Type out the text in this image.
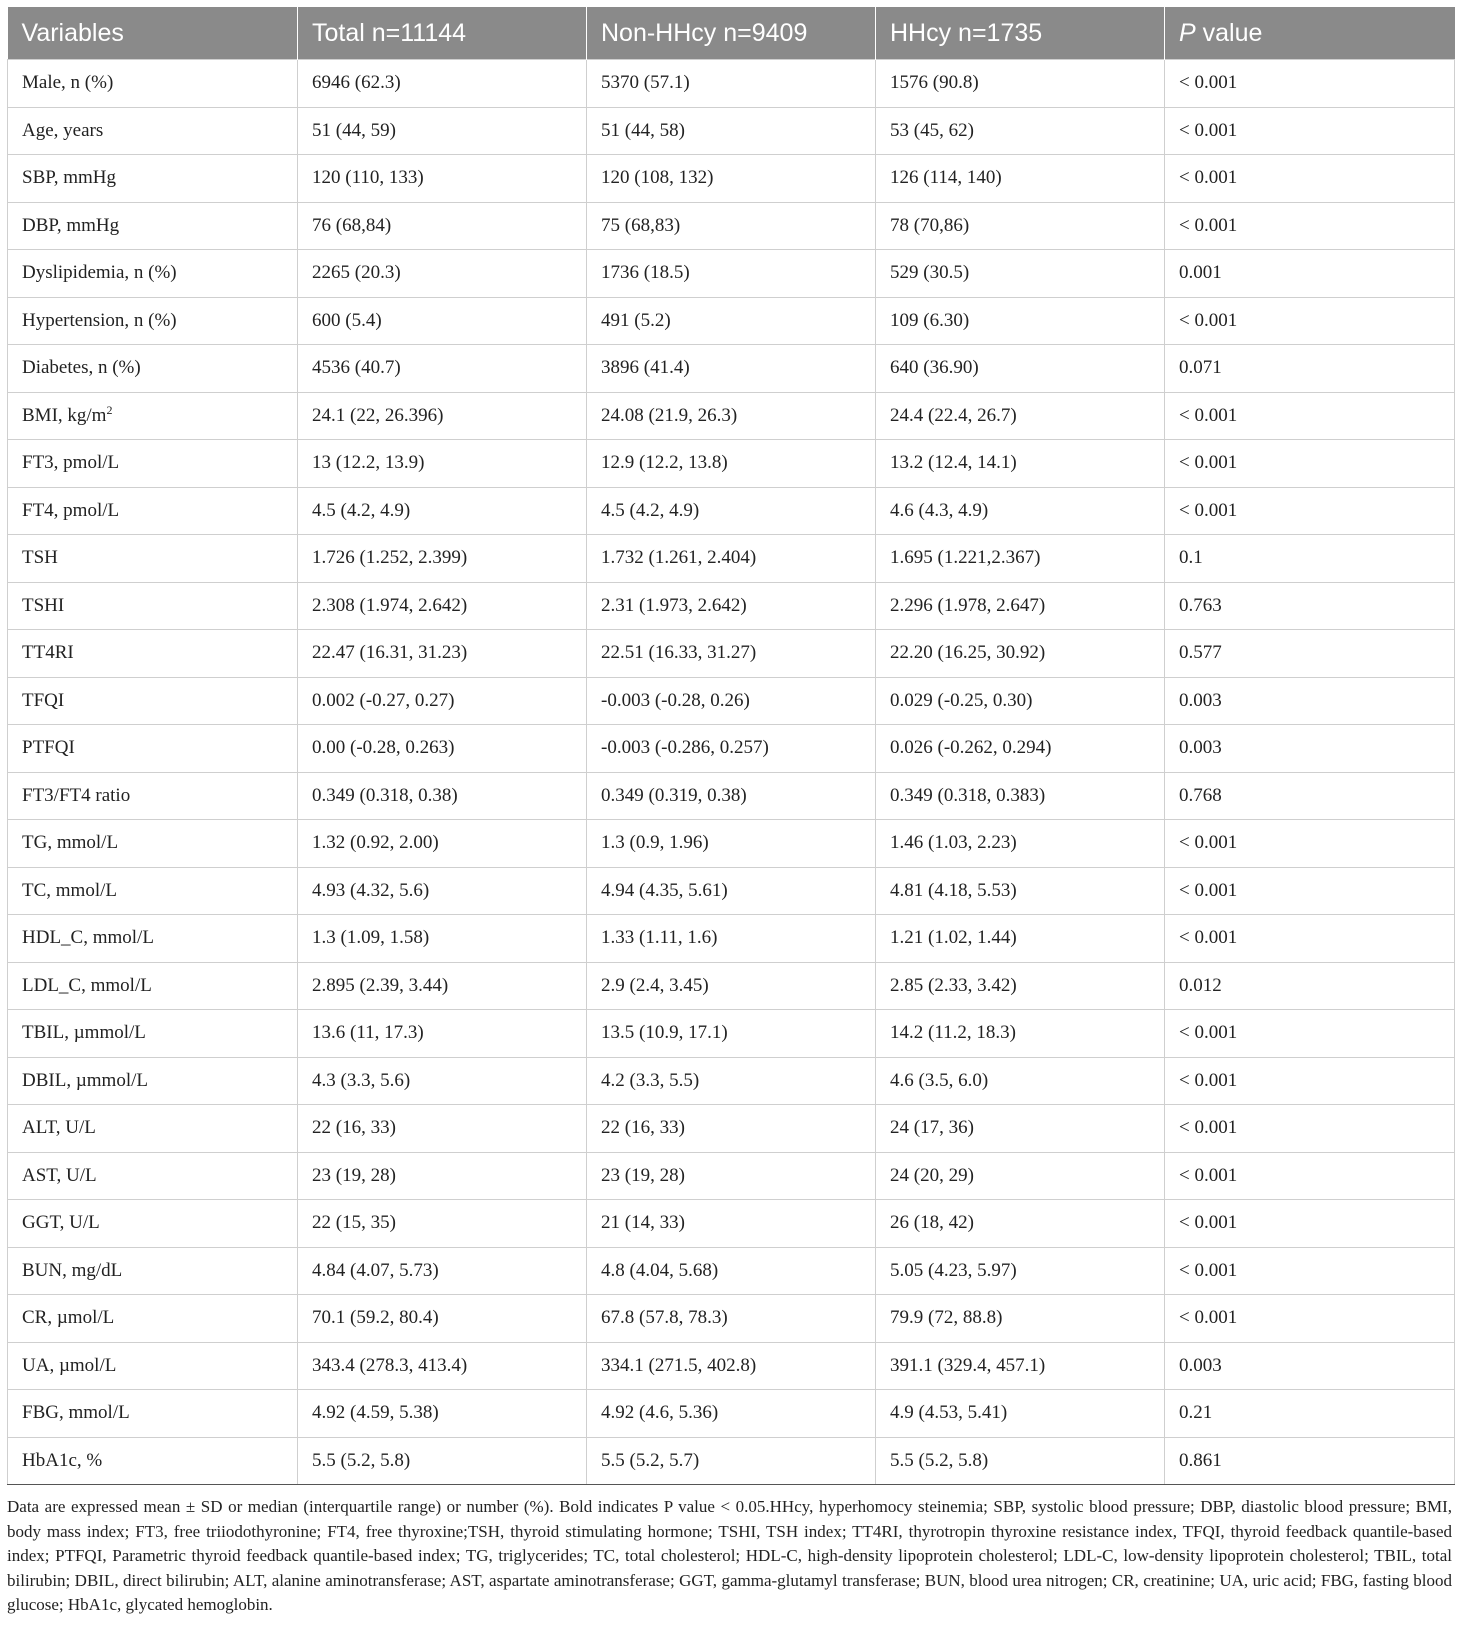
Variables	Total n=11144	Non-HHcy n=9409	HHcy n=1735	P value
Male, n (%)	6946 (62.3)	5370 (57.1)	1576 (90.8)	< 0.001
Age, years	51 (44, 59)	51 (44, 58)	53 (45, 62)	< 0.001
SBP, mmHg	120 (110, 133)	120 (108, 132)	126 (114, 140)	< 0.001
DBP, mmHg	76 (68,84)	75 (68,83)	78 (70,86)	< 0.001
Dyslipidemia, n (%)	2265 (20.3)	1736 (18.5)	529 (30.5)	0.001
Hypertension, n (%)	600 (5.4)	491 (5.2)	109 (6.30)	< 0.001
Diabetes, n (%)	4536 (40.7)	3896 (41.4)	640 (36.90)	0.071
BMI, $kg/m^2$	24.1 (22, 26.396)	24.08 (21.9, 26.3)	24.4 (22.4, 26.7)	< 0.001
FT3, pmol/L	13 (12.2, 13.9)	12.9 (12.2, 13.8)	13.2 (12.4, 14.1)	< 0.001
FT4, pmol/L	4.5 (4.2, 4.9)	4.5 (4.2, 4.9)	4.6 (4.3, 4.9)	< 0.001
TSH	1.726 (1.252, 2.399)	1.732 (1.261, 2.404)	1.695 (1.221,2.367)	0.1
TSHI	2.308 (1.974, 2.642)	2.31 (1.973, 2.642)	2.296 (1.978, 2.647)	0.763
TT4RI	22.47 (16.31, 31.23)	22.51 (16.33, 31.27)	22.20 (16.25, 30.92)	0.577
TFQI	0.002 (-0.27, 0.27)	-0.003 (-0.28, 0.26)	0.029 (-0.25, 0.30)	0.003
PTFQI	0.00 (-0.28, 0.263)	-0.003 (-0.286, 0.257)	0.026 (-0.262, 0.294)	0.003
FT3/FT4 ratio	0.349 (0.318, 0.38)	0.349 (0.319, 0.38)	0.349 (0.318, 0.383)	0.768
TG, mmol/L	1.32 (0.92, 2.00)	1.3 (0.9, 1.96)	1.46 (1.03, 2.23)	< 0.001
TC, mmol/L	4.93 (4.32, 5.6)	4.94 (4.35, 5.61)	4.81 (4.18, 5.53)	< 0.001
HDL_C, mmol/L	1.3 (1.09, 1.58)	1.33 (1.11, 1.6)	1.21 (1.02, 1.44)	< 0.001
LDL_C, mmol/L	2.895 (2.39, 3.44)	2.9 (2.4, 3.45)	2.85 (2.33, 3.42)	0.012
TBIL, µmmol/L	13.6 (11, 17.3)	13.5 (10.9, 17.1)	14.2 (11.2, 18.3)	< 0.001
DBIL, µmmol/L	4.3 (3.3, 5.6)	4.2 (3.3, 5.5)	4.6 (3.5, 6.0)	< 0.001
ALT, U/L	22 (16, 33)	22 (16, 33)	24 (17, 36)	< 0.001
AST, U/L	23 (19, 28)	23 (19, 28)	24 (20, 29)	< 0.001
GGT, U/L	22 (15, 35)	21 (14, 33)	26 (18, 42)	< 0.001
BUN, mg/dL	4.84 (4.07, 5.73)	4.8 (4.04, 5.68)	5.05 (4.23, 5.97)	< 0.001
CR, µmol/L	70.1 (59.2, 80.4)	67.8 (57.8, 78.3)	79.9 (72, 88.8)	< 0.001
UA, µmol/L	343.4 (278.3, 413.4)	334.1 (271.5, 402.8)	391.1 (329.4, 457.1)	0.003
FBG, mmol/L	4.92 (4.59, 5.38)	4.92 (4.6, 5.36)	4.9 (4.53, 5.41)	0.21
HbA1c, %	5.5 (5.2, 5.8)	5.5 (5.2, 5.7)	5.5 (5.2, 5.8)	0.861
Data are expressed mean ± SD or median (interquartile range) or number (%). Bold indicates P value < 0.05.HHcy, hyperhomocy steinemia; SBP, systolic blood pressure; DBP, diastolic blood pressure; BMI, body mass index; FT3, free triiodothyronine; FT4, free thyroxine;TSH, thyroid stimulating hormone; TSHI, TSH index; TT4RI, thyrotropin thyroxine resistance index, TFQI, thyroid feedback quantile-based index; PTFQI, Parametric thyroid feedback quantile-based index; TG, triglycerides; TC, total cholesterol; HDL-C, high-density lipoprotein cholesterol; LDL-C, low-density lipoprotein cholesterol; TBIL, total bilirubin; DBIL, direct bilirubin; ALT, alanine aminotransferase; AST, aspartate aminotransferase; GGT, gamma-glutamyl transferase; BUN, blood urea nitrogen; CR, creatinine; UA, uric acid; FBG, fasting blood glucose; HbA1c, glycated hemoglobin.
